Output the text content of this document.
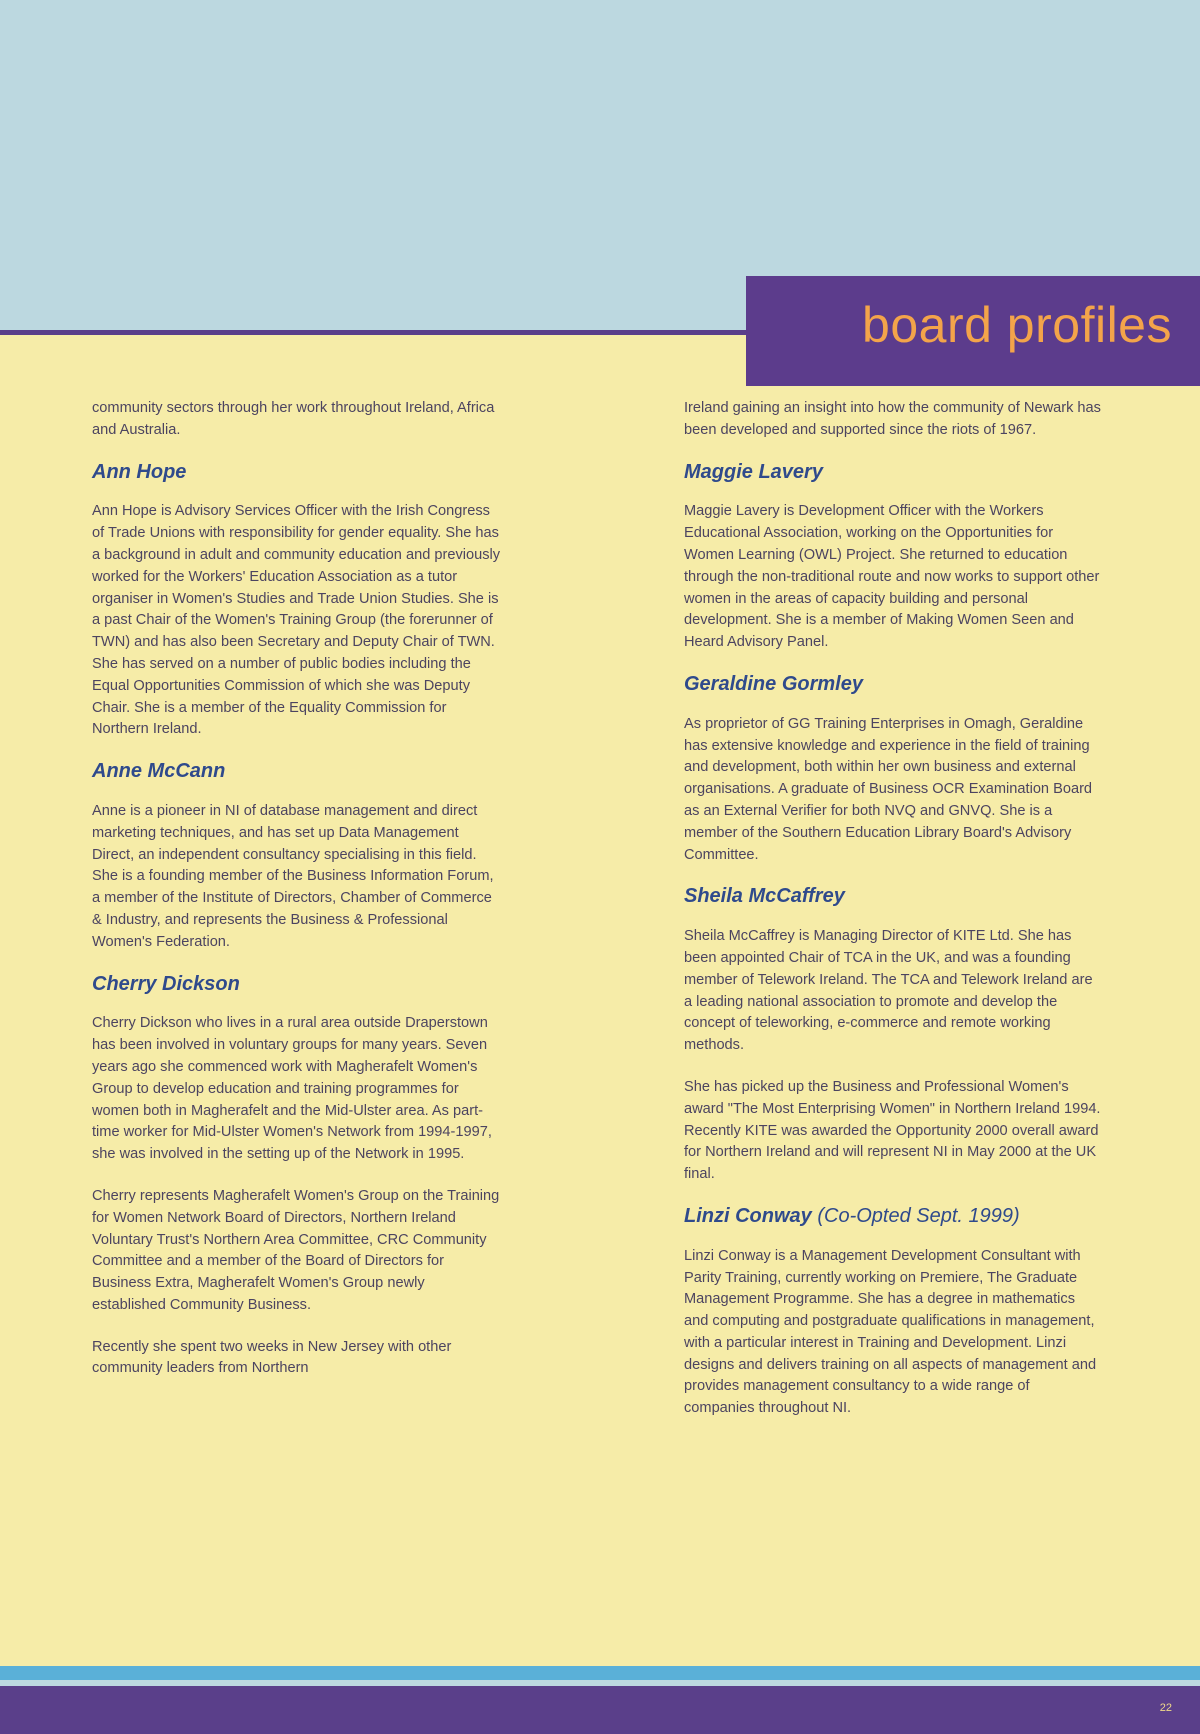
board profiles

community sectors through her work throughout Ireland, Africa and Australia.

Ann Hope

Ann Hope is Advisory Services Officer with the Irish Congress of Trade Unions with responsibility for gender equality. She has a background in adult and community education and previously worked for the Workers' Education Association as a tutor organiser in Women's Studies and Trade Union Studies. She is a past Chair of the Women's Training Group (the forerunner of TWN) and has also been Secretary and Deputy Chair of TWN. She has served on a number of public bodies including the Equal Opportunities Commission of which she was Deputy Chair. She is a member of the Equality Commission for Northern Ireland.

Anne McCann

Anne is a pioneer in NI of database management and direct marketing techniques, and has set up Data Management Direct, an independent consultancy specialising in this field. She is a founding member of the Business Information Forum, a member of the Institute of Directors, Chamber of Commerce & Industry, and represents the Business & Professional Women's Federation.

Cherry Dickson

Cherry Dickson who lives in a rural area outside Draperstown has been involved in voluntary groups for many years. Seven years ago she commenced work with Magherafelt Women's Group to develop education and training programmes for women both in Magherafelt and the Mid-Ulster area. As part-time worker for Mid-Ulster Women's Network from 1994-1997, she was involved in the setting up of the Network in 1995.

Cherry represents Magherafelt Women's Group on the Training for Women Network Board of Directors, Northern Ireland Voluntary Trust's Northern Area Committee, CRC Community Committee and a member of the Board of Directors for Business Extra, Magherafelt Women's Group newly established Community Business.

Recently she spent two weeks in New Jersey with other community leaders from Northern

Ireland gaining an insight into how the community of Newark has been developed and supported since the riots of 1967.

Maggie Lavery

Maggie Lavery is Development Officer with the Workers Educational Association, working on the Opportunities for Women Learning (OWL) Project. She returned to education through the non-traditional route and now works to support other women in the areas of capacity building and personal development. She is a member of Making Women Seen and Heard Advisory Panel.

Geraldine Gormley

As proprietor of GG Training Enterprises in Omagh, Geraldine has extensive knowledge and experience in the field of training and development, both within her own business and external organisations. A graduate of Business OCR Examination Board as an External Verifier for both NVQ and GNVQ. She is a member of the Southern Education Library Board's Advisory Committee.

Sheila McCaffrey

Sheila McCaffrey is Managing Director of KITE Ltd. She has been appointed Chair of TCA in the UK, and was a founding member of Telework Ireland. The TCA and Telework Ireland are a leading national association to promote and develop the concept of teleworking, e-commerce and remote working methods.

She has picked up the Business and Professional Women's award "The Most Enterprising Women" in Northern Ireland 1994. Recently KITE was awarded the Opportunity 2000 overall award for Northern Ireland and will represent NI in May 2000 at the UK final.

Linzi Conway (Co-Opted Sept. 1999)

Linzi Conway is a Management Development Consultant with Parity Training, currently working on Premiere, The Graduate Management Programme. She has a degree in mathematics and computing and postgraduate qualifications in management, with a particular interest in Training and Development. Linzi designs and delivers training on all aspects of management and provides management consultancy to a wide range of companies throughout NI.

22
